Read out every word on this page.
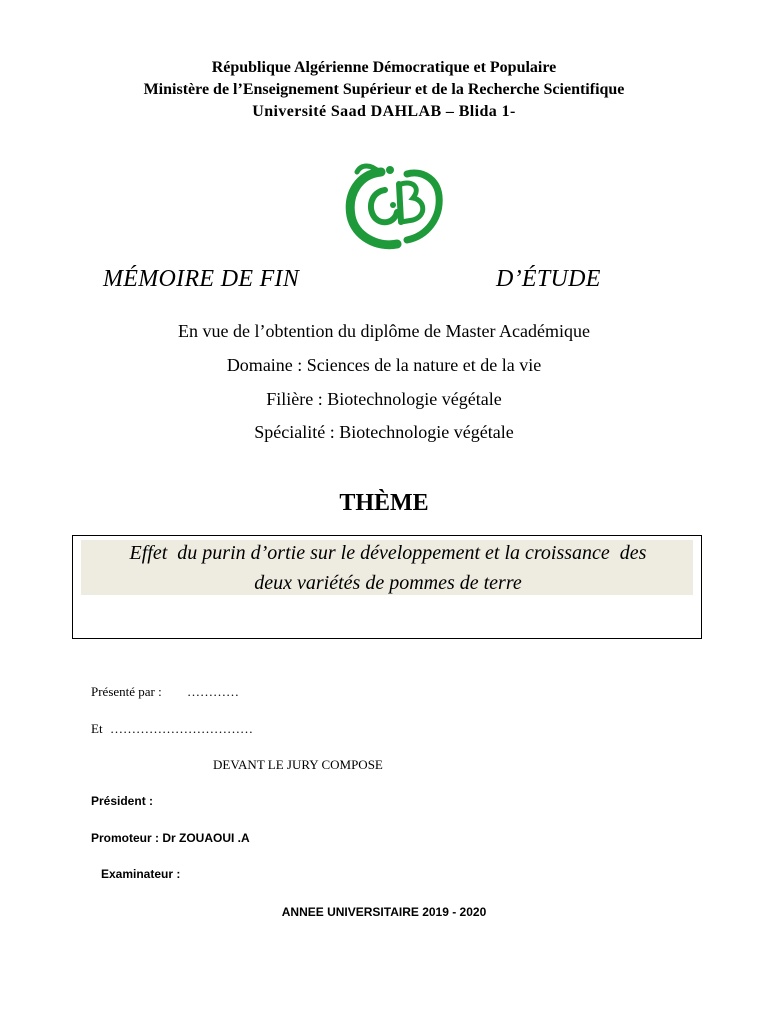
République Algérienne Démocratique et Populaire
Ministère de l’Enseignement Supérieur et de la Recherche Scientifique
Université Saad DAHLAB – Blida 1-
MÉMOIRE DE FIN	D’ÉTUDE
En vue de l’obtention du diplôme de Master Académique
Domaine : Sciences de la nature et de la vie
Filière : Biotechnologie végétale
Spécialité : Biotechnologie végétale
THÈME
Effet  du purin d’ortie sur le développement et la croissance  des
deux variétés de pommes de terre
Présenté par : …………
Et ……………………………
DEVANT LE JURY COMPOSE
Président :
Promoteur : Dr ZOUAOUI .A
Examinateur :
ANNEE UNIVERSITAIRE 2019 - 2020
